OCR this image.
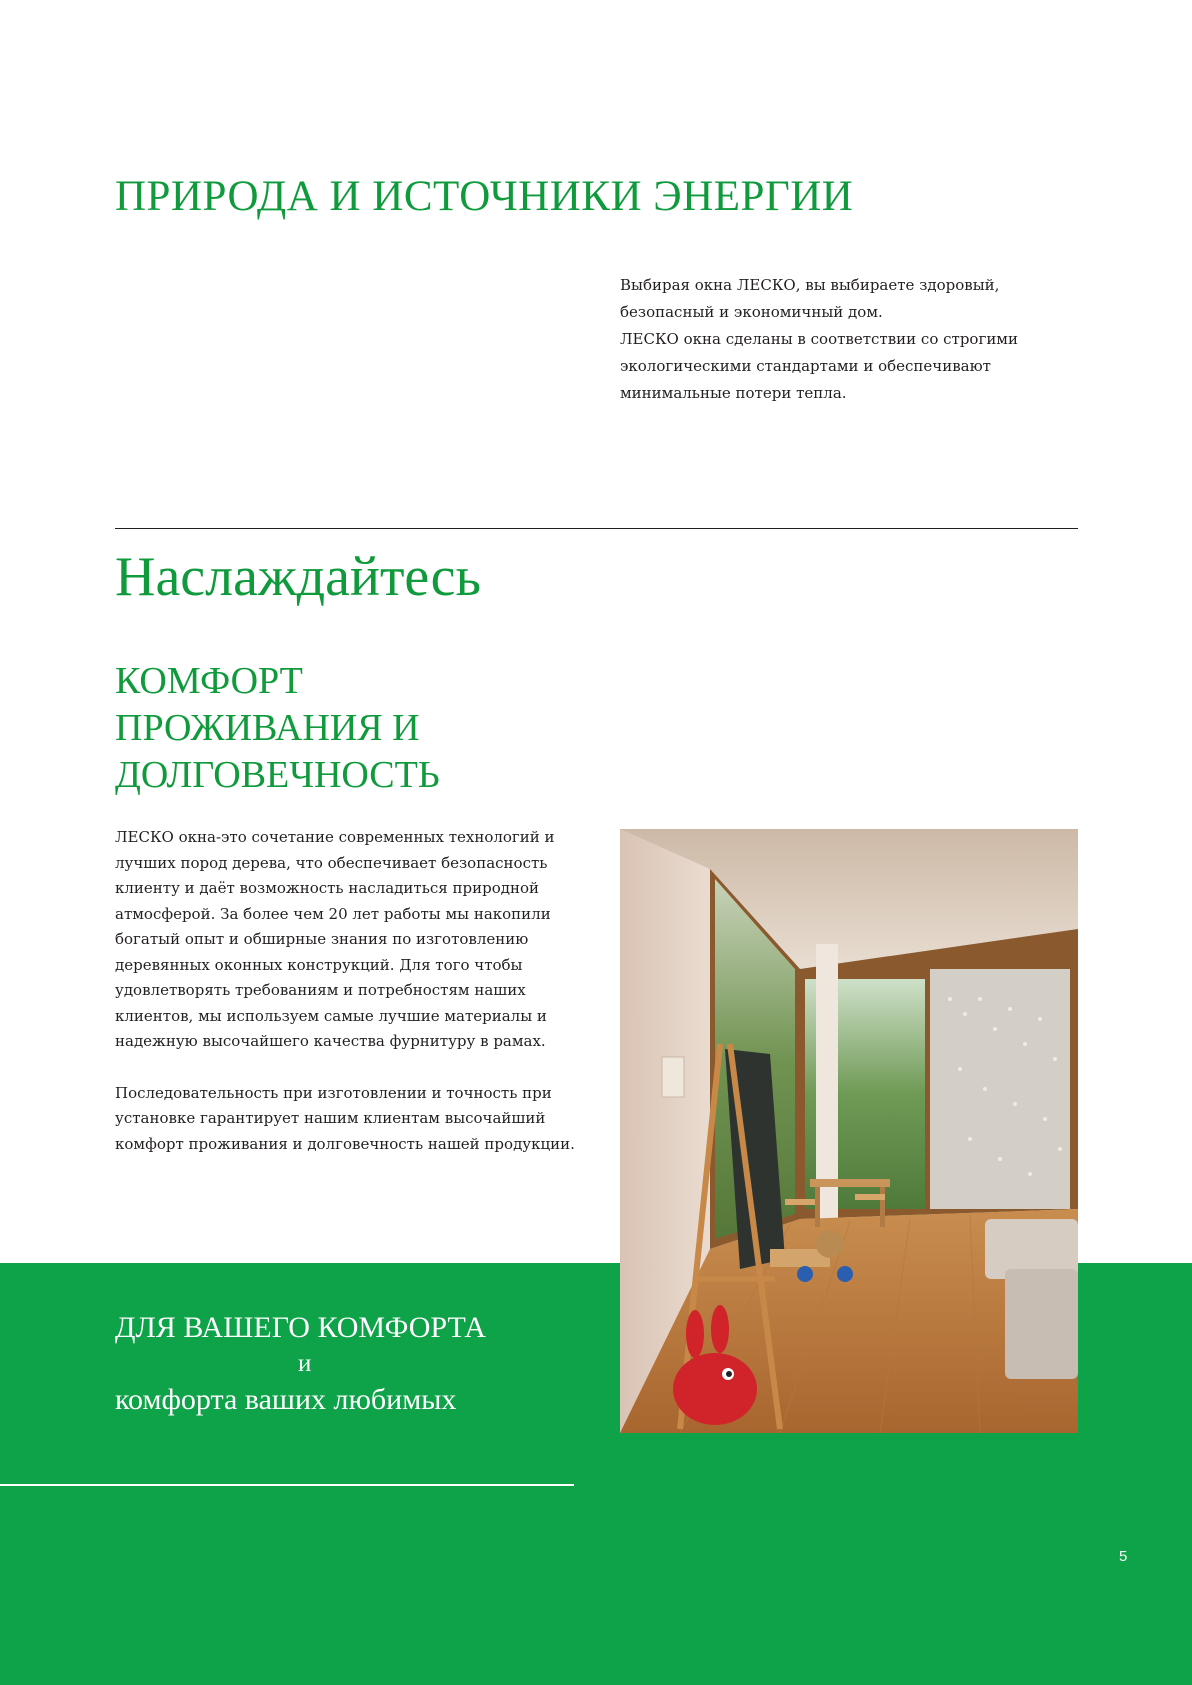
ПРИРОДА И ИСТОЧНИКИ ЭНЕРГИИ

Выбирая окна ЛЕСКО, вы выбираете здоровый,

безопасный и экономичный дом.

ЛЕСКО окна сделаны в соответствии со строгими

экологическими стандартами и обеспечивают

минимальные потери тепла.

Наслаждайтесь
КОМФОРТ
ПРОЖИВАНИЯ И
ДОЛГОВЕЧНОСТЬ

ЛЕСКО окна-это сочетание современных технологий и
лучших пород дерева, что обеспечивает безопасность
клиенту и даёт возможность насладиться природной
атмосферой. За более чем 20 лет работы мы накопили
богатый опыт и обширные знания по изготовлению
деревянных оконных конструкций. Для того чтобы
удовлетворять требованиям и потребностям наших
клиентов, мы используем самые лучшие материалы и
надежную высочайшего качества фурнитуру в рамах.

Последовательность при изготовлении и точность при
установке гарантирует нашим клиентам высочайший
комфорт проживания и долговечность нашей продукции.

ДЛЯ ВАШЕГО КОМФОРТА
и
комфорта ваших любимых
5
